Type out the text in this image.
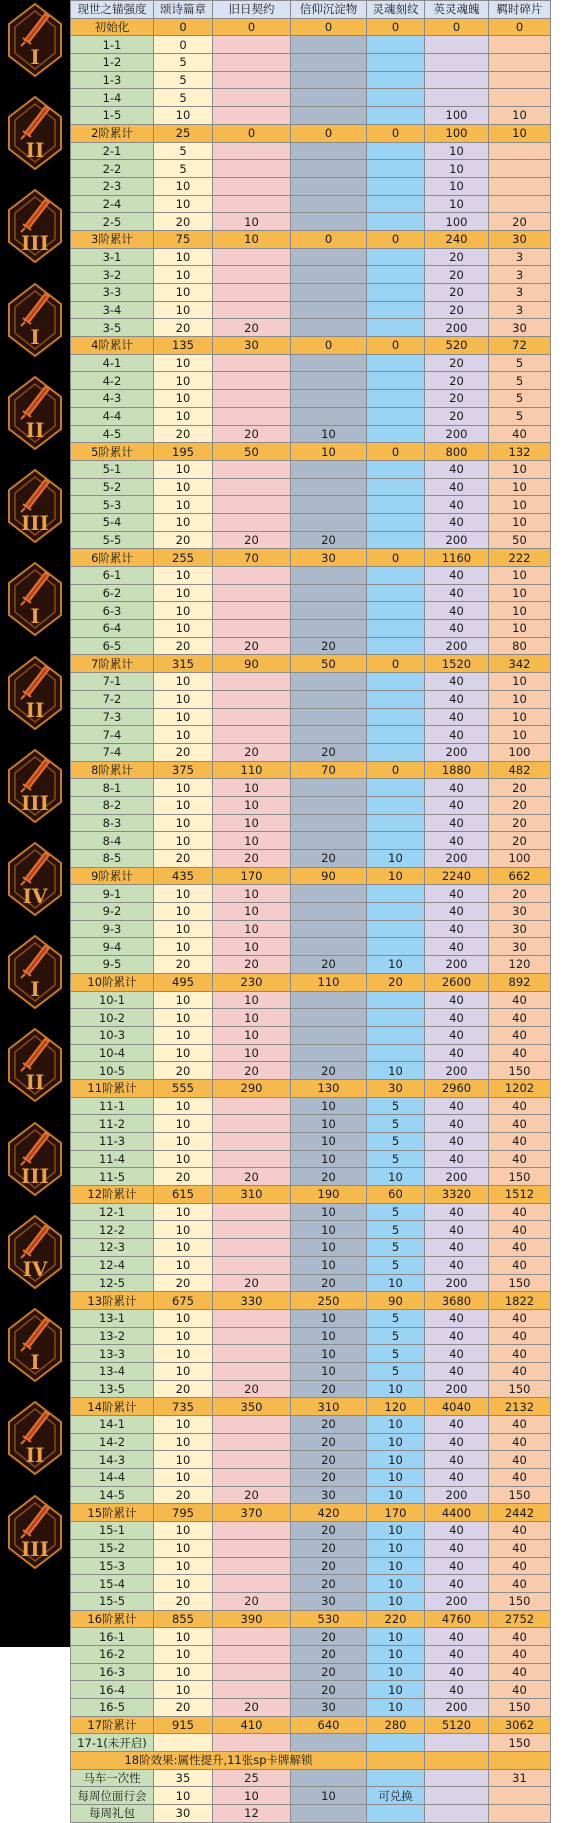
I
II
III
I
II
III
I
II
III
IV
I
II
III
IV
I
II
III
现世之锚强度	颂诗篇章	旧日契约	信仰沉淀物	灵魂刻纹	英灵魂魄	羁时碎片
初始化	0	0	0	0	0	0
1-1	0					
1-2	5					
1-3	5					
1-4	5					
1-5	10				100	10
2阶累计	25	0	0	0	100	10
2-1	5				10	
2-2	5				10	
2-3	10				10	
2-4	10				10	
2-5	20	10			100	20
3阶累计	75	10	0	0	240	30
3-1	10				20	3
3-2	10				20	3
3-3	10				20	3
3-4	10				20	3
3-5	20	20			200	30
4阶累计	135	30	0	0	520	72
4-1	10				20	5
4-2	10				20	5
4-3	10				20	5
4-4	10				20	5
4-5	20	20	10		200	40
5阶累计	195	50	10	0	800	132
5-1	10				40	10
5-2	10				40	10
5-3	10				40	10
5-4	10				40	10
5-5	20	20	20		200	50
6阶累计	255	70	30	0	1160	222
6-1	10				40	10
6-2	10				40	10
6-3	10				40	10
6-4	10				40	10
6-5	20	20	20		200	80
7阶累计	315	90	50	0	1520	342
7-1	10				40	10
7-2	10				40	10
7-3	10				40	10
7-4	10				40	10
7-4	20	20	20		200	100
8阶累计	375	110	70	0	1880	482
8-1	10	10			40	20
8-2	10	10			40	20
8-3	10	10			40	20
8-4	10	10			40	20
8-5	20	20	20	10	200	100
9阶累计	435	170	90	10	2240	662
9-1	10	10			40	20
9-2	10	10			40	30
9-3	10	10			40	30
9-4	10	10			40	30
9-5	20	20	20	10	200	120
10阶累计	495	230	110	20	2600	892
10-1	10	10			40	40
10-2	10	10			40	40
10-3	10	10			40	40
10-4	10	10			40	40
10-5	20	20	20	10	200	150
11阶累计	555	290	130	30	2960	1202
11-1	10		10	5	40	40
11-2	10		10	5	40	40
11-3	10		10	5	40	40
11-4	10		10	5	40	40
11-5	20	20	20	10	200	150
12阶累计	615	310	190	60	3320	1512
12-1	10		10	5	40	40
12-2	10		10	5	40	40
12-3	10		10	5	40	40
12-4	10		10	5	40	40
12-5	20	20	20	10	200	150
13阶累计	675	330	250	90	3680	1822
13-1	10		10	5	40	40
13-2	10		10	5	40	40
13-3	10		10	5	40	40
13-4	10		10	5	40	40
13-5	20	20	20	10	200	150
14阶累计	735	350	310	120	4040	2132
14-1	10		20	10	40	40
14-2	10		20	10	40	40
14-3	10		20	10	40	40
14-4	10		20	10	40	40
14-5	20	20	30	10	200	150
15阶累计	795	370	420	170	4400	2442
15-1	10		20	10	40	40
15-2	10		20	10	40	40
15-3	10		20	10	40	40
15-4	10		20	10	40	40
15-5	20	20	30	10	200	150
16阶累计	855	390	530	220	4760	2752
16-1	10		20	10	40	40
16-2	10		20	10	40	40
16-3	10		20	10	40	40
16-4	10		20	10	40	40
16-5	20	20	30	10	200	150
17阶累计	915	410	640	280	5120	3062
17-1(未开启)						150
18阶效果:属性提升,11张sp卡牌解锁						
马车一次性	35	25				31
每周位面行会	10	10	10	可兑换		
每周礼包	30	12				
